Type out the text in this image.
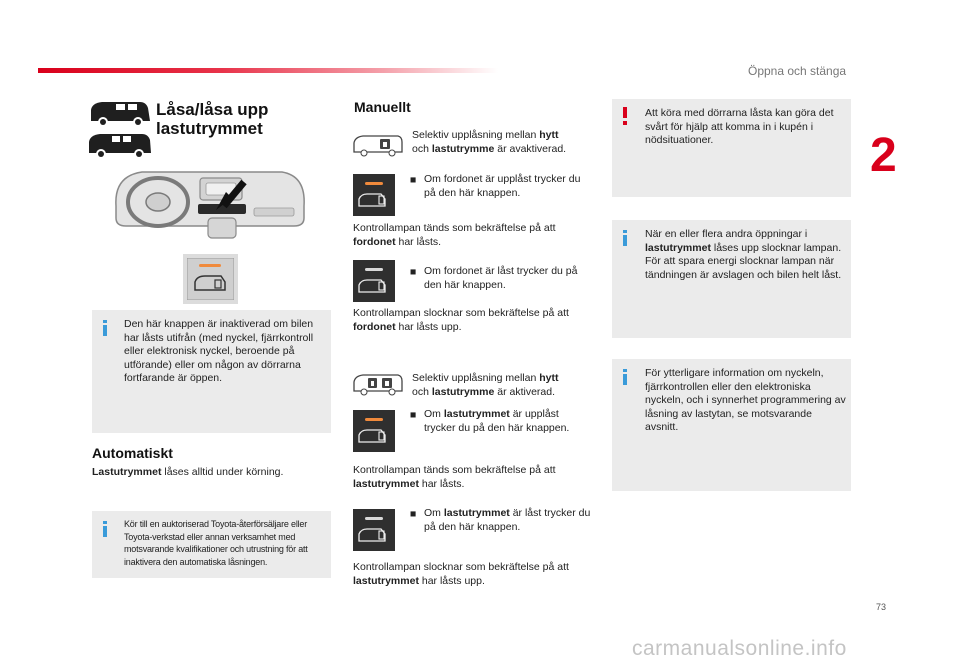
Öppna och stänga
2
73
Låsa/låsa upp
lastutrymmet
Den här knappen är inaktiverad om bilen har låsts utifrån (med nyckel, fjärrkontroll eller elektronisk nyckel, beroende på utförande) eller om någon av dörrarna fortfarande är öppen.
Automatiskt
Lastutrymmet låses alltid under körning.
Kör till en auktoriserad Toyota-återförsäljare eller Toyota-verkstad eller annan verksamhet med motsvarande kvalifikationer och utrustning för att inaktivera den automatiska låsningen.
Manuellt
Selektiv upplåsning mellan hytt
och lastutrymme är avaktiverad.
■ Om fordonet är upplåst trycker du på den här knappen.
Kontrollampan tänds som bekräftelse på att fordonet har låsts.
■ Om fordonet är låst trycker du på den här knappen.
Kontrollampan slocknar som bekräftelse på att fordonet har låsts upp.
Selektiv upplåsning mellan hytt
och lastutrymme är aktiverad.
■ Om lastutrymmet är upplåst trycker du på den här knappen.
Kontrollampan tänds som bekräftelse på att lastutrymmet har låsts.
■ Om lastutrymmet är låst trycker du på den här knappen.
Kontrollampan slocknar som bekräftelse på att lastutrymmet har låsts upp.
Att köra med dörrarna låsta kan göra det svårt för hjälp att komma in i kupén i nödsituationer.
När en eller flera andra öppningar i lastutrymmet låses upp slocknar lampan.
För att spara energi slocknar lampan när tändningen är avslagen och bilen helt låst.
För ytterligare information om nyckeln, fjärrkontrollen eller den elektroniska nyckeln, och i synnerhet programmering av låsning av lastytan, se motsvarande avsnitt.
carmanualsonline.info
